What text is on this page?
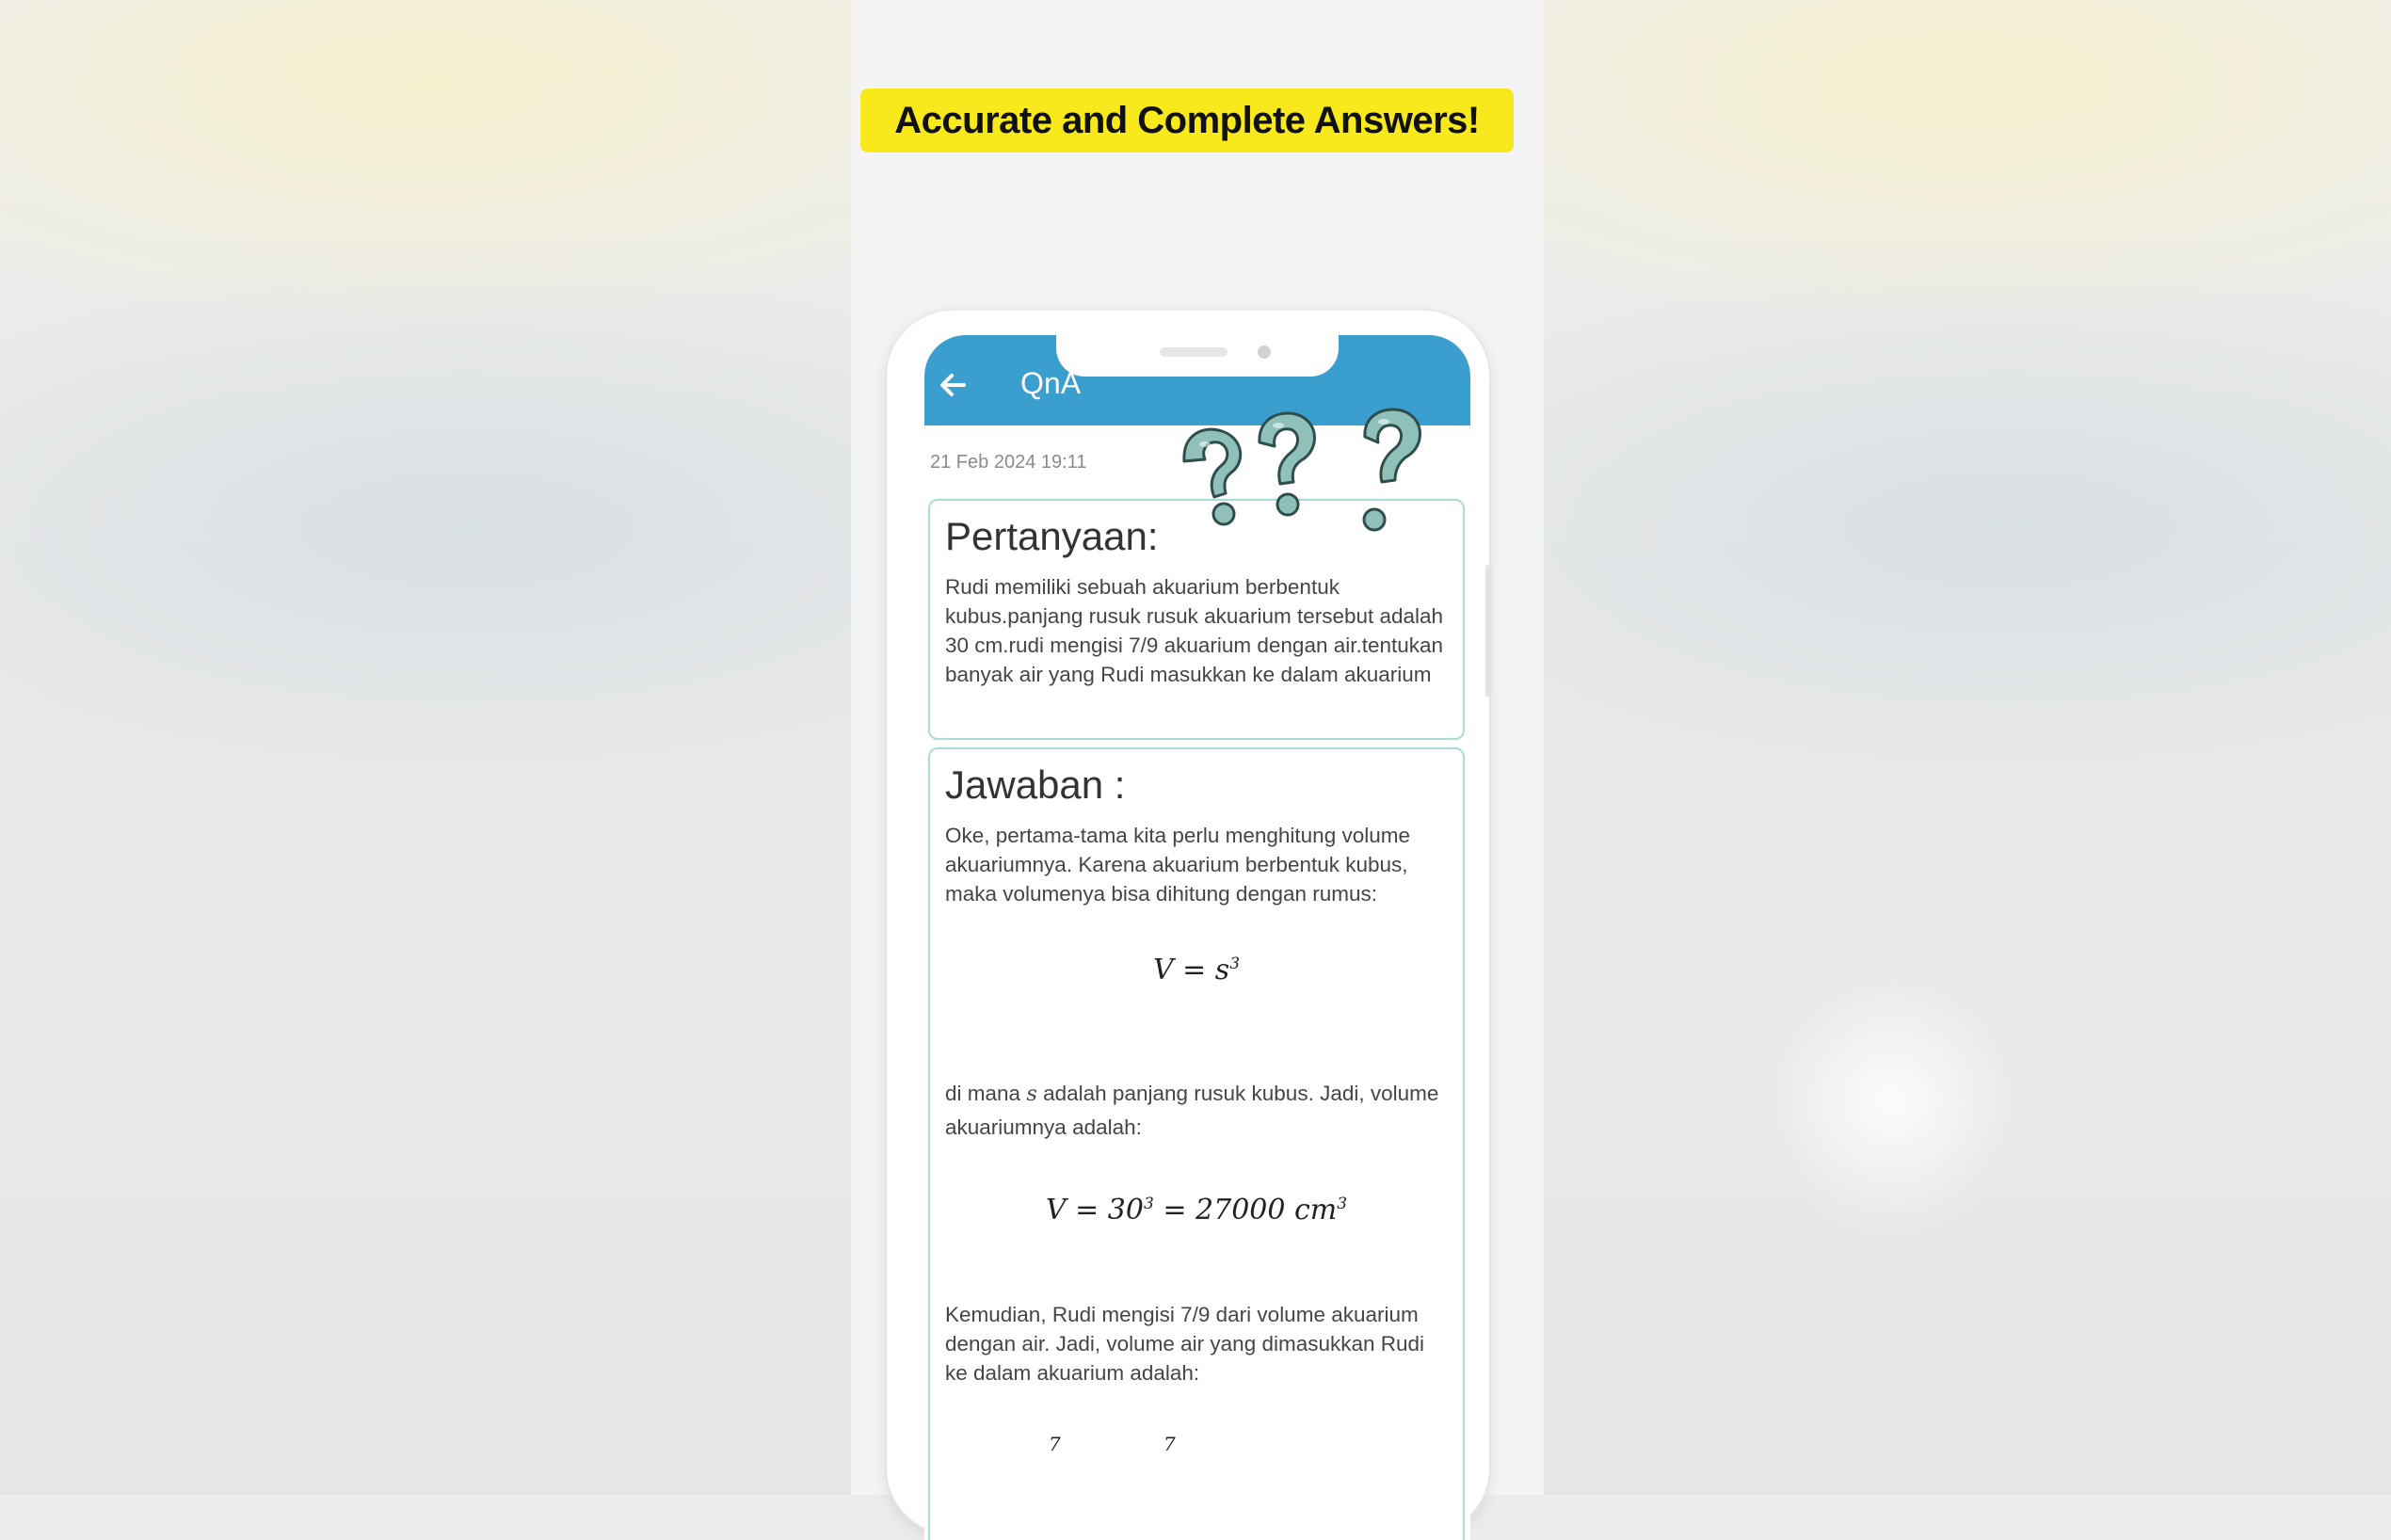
Accurate and Complete Answers!
QnA
21 Feb 2024 19:11
Pertanyaan:
Rudi memiliki sebuah akuarium berbentuk kubus.panjang rusuk rusuk akuarium tersebut adalah 30 cm.rudi mengisi 7/9 akuarium dengan air.tentukan banyak air yang Rudi masukkan ke dalam akuarium
Jawaban :
Oke, pertama-tama kita perlu menghitung volume akuariumnya. Karena akuarium berbentuk kubus, maka volumenya bisa dihitung dengan rumus:
$V = s^3$
di mana s adalah panjang rusuk kubus. Jadi, volume akuariumnya adalah:
$V = 30^3 = 27000$ $cm^3$
Kemudian, Rudi mengisi 7/9 dari volume akuarium dengan air. Jadi, volume air yang dimasukkan Rudi ke dalam akuarium adalah:
7	7
